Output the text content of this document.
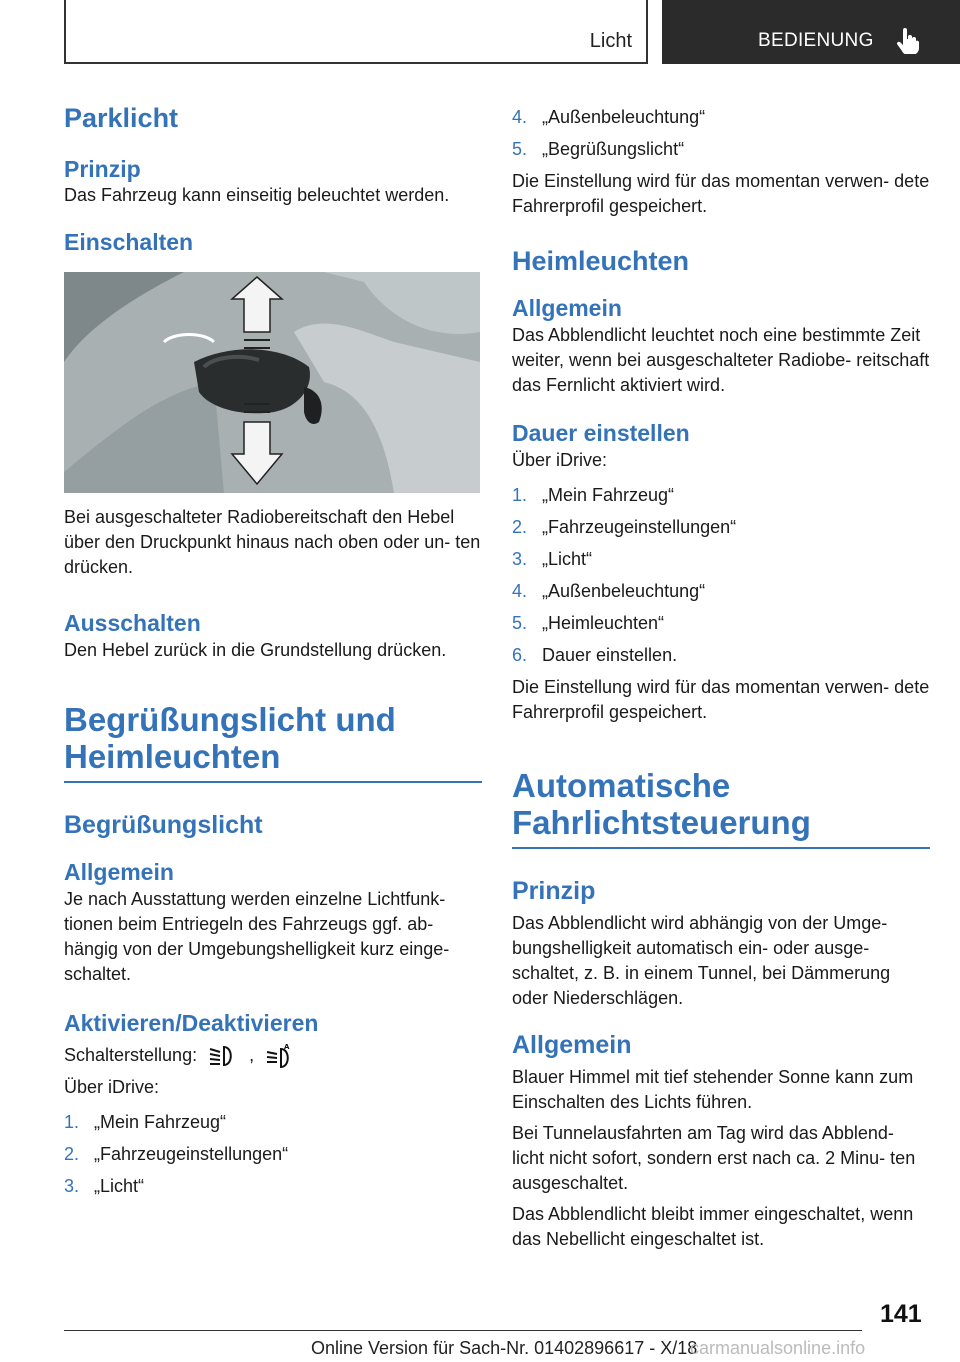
Licht	BEDIENUNG
Parklicht
Prinzip

Das Fahrzeug kann einseitig beleuchtet werden.

Einschalten

Bei ausgeschalteter Radiobereitschaft den Hebel über den Druckpunkt hinaus nach oben oder un‐ ten drücken.

Ausschalten

Den Hebel zurück in die Grundstellung drücken.

Begrüßungslicht und Heimleuchten
Begrüßungslicht
Allgemein

Je nach Ausstattung werden einzelne Lichtfunk‐ tionen beim Entriegeln des Fahrzeugs ggf. ab‐ hängig von der Umgebungshelligkeit kurz einge‐ schaltet.

Aktivieren/Deaktivieren

Schalterstellung:	,	A

Über iDrive:

1. „Mein Fahrzeug“
2. „Fahrzeugeinstellungen“
3. „Licht“
4. „Außenbeleuchtung“
5. „Begrüßungslicht“

Die Einstellung wird für das momentan verwen‐ dete Fahrerprofil gespeichert.

Heimleuchten
Allgemein

Das Abblendlicht leuchtet noch eine bestimmte Zeit weiter, wenn bei ausgeschalteter Radiobe‐ reitschaft das Fernlicht aktiviert wird.

Dauer einstellen

Über iDrive:

1. „Mein Fahrzeug“
2. „Fahrzeugeinstellungen“
3. „Licht“
4. „Außenbeleuchtung“
5. „Heimleuchten“
6. Dauer einstellen.

Die Einstellung wird für das momentan verwen‐ dete Fahrerprofil gespeichert.

Automatische Fahrlichtsteuerung
Prinzip

Das Abblendlicht wird abhängig von der Umge‐ bungshelligkeit automatisch ein- oder ausge‐ schaltet, z. B. in einem Tunnel, bei Dämmerung oder Niederschlägen.

Allgemein

Blauer Himmel mit tief stehender Sonne kann zum Einschalten des Lichts führen.

Bei Tunnelausfahrten am Tag wird das Abblend‐ licht nicht sofort, sondern erst nach ca. 2 Minu‐ ten ausgeschaltet.

Das Abblendlicht bleibt immer eingeschaltet, wenn das Nebellicht eingeschaltet ist.

141
Online Version für Sach-Nr. 01402896617 - X/18
carmanualsonline.info
